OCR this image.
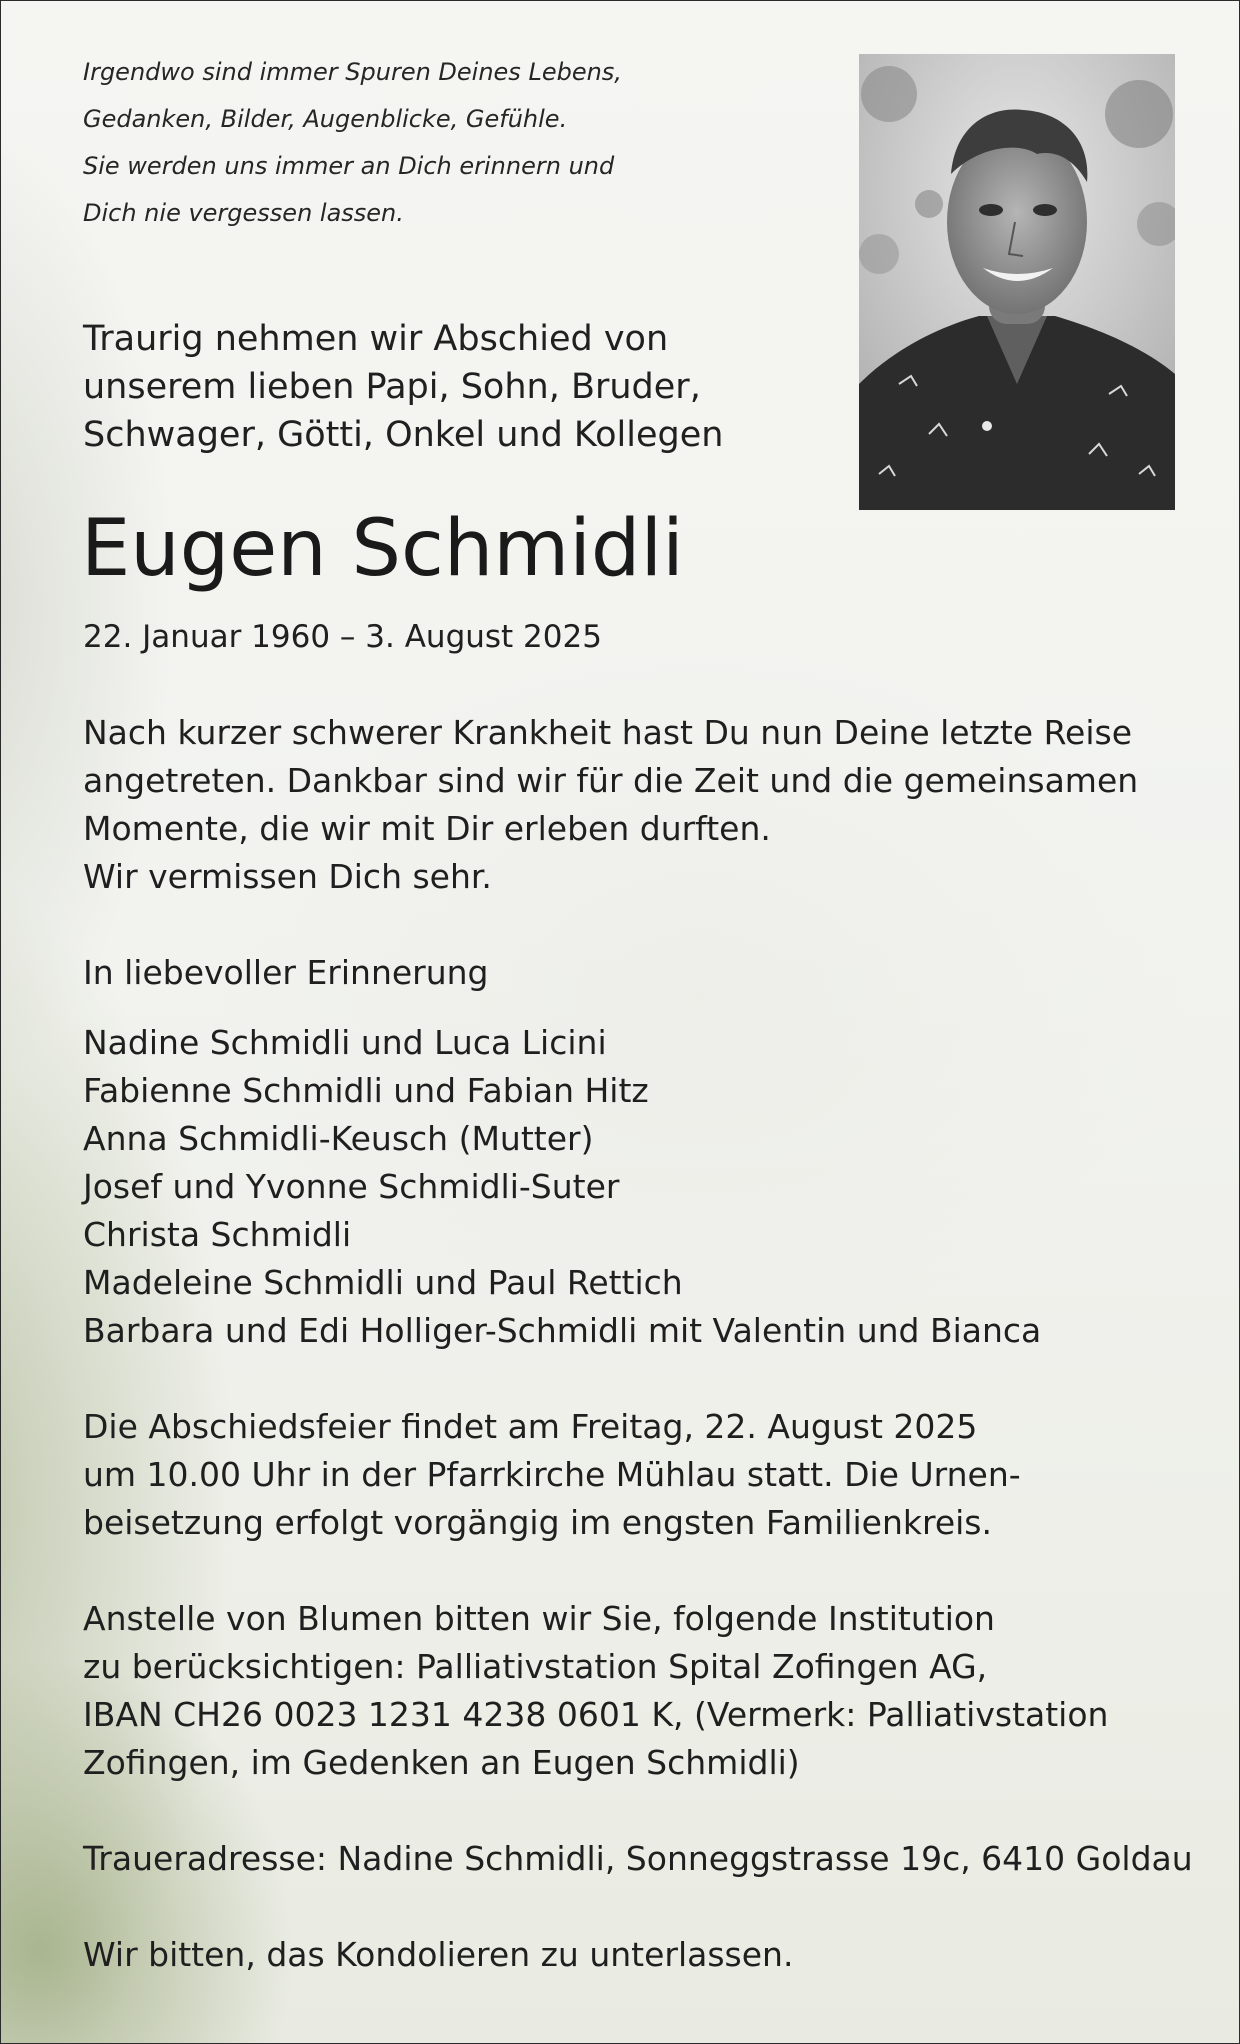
Irgendwo sind immer Spuren Deines Lebens,
Gedanken, Bilder, Augenblicke, Gefühle.
Sie werden uns immer an Dich erinnern und
Dich nie vergessen lassen.
Traurig nehmen wir Abschied von
unserem lieben Papi, Sohn, Bruder,
Schwager, Götti, Onkel und Kollegen
Eugen Schmidli
22. Januar 1960 – 3. August 2025
Nach kurzer schwerer Krankheit hast Du nun Deine letzte Reise
angetreten. Dankbar sind wir für die Zeit und die gemeinsamen
Momente, die wir mit Dir erleben durften.
Wir vermissen Dich sehr.
In liebevoller Erinnerung
Nadine Schmidli und Luca Licini
Fabienne Schmidli und Fabian Hitz
Anna Schmidli-Keusch (Mutter)
Josef und Yvonne Schmidli-Suter
Christa Schmidli
Madeleine Schmidli und Paul Rettich
Barbara und Edi Holliger-Schmidli mit Valentin und Bianca
Die Abschiedsfeier findet am Freitag, 22. August 2025
um 10.00 Uhr in der Pfarrkirche Mühlau statt. Die Urnen-
beisetzung erfolgt vorgängig im engsten Familienkreis.
Anstelle von Blumen bitten wir Sie, folgende Institution
zu berücksichtigen: Palliativstation Spital Zofingen AG,
IBAN CH26 0023 1231 4238 0601 K, (Vermerk: Palliativstation
Zofingen, im Gedenken an Eugen Schmidli)
Traueradresse: Nadine Schmidli, Sonneggstrasse 19c, 6410 Goldau
Wir bitten, das Kondolieren zu unterlassen.
